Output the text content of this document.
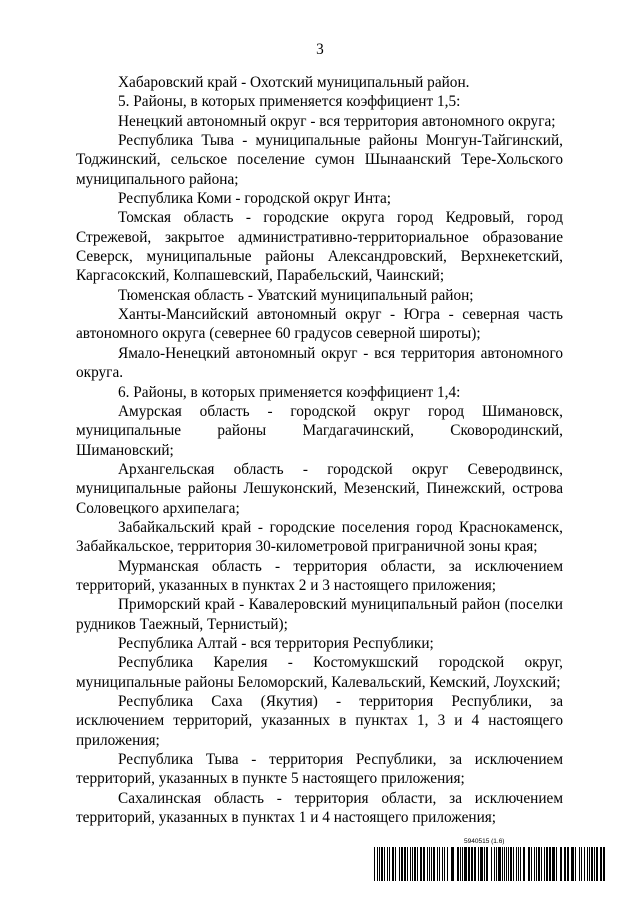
3

Хабаровский край - Охотский муниципальный район.

5. Районы, в которых применяется коэффициент 1,5:

Ненецкий автономный округ - вся территория автономного округа;

Республика Тыва - муниципальные районы Монгун-Тайгинский, Тоджинский, сельское поселение сумон Шынаанский Тере-Хольского муниципального района;

Республика Коми - городской округ Инта;

Томская область - городские округа город Кедровый, город Стрежевой, закрытое административно-территориальное образование Северск, муниципальные районы Александровский, Верхнекетский, Каргасокский, Колпашевский, Парабельский, Чаинский;

Тюменская область - Уватский муниципальный район;

Ханты-Мансийский автономный округ - Югра - северная часть автономного округа (севернее 60 градусов северной широты);

Ямало-Ненецкий автономный округ - вся территория автономного округа.

6. Районы, в которых применяется коэффициент 1,4:

Амурская область - городской округ город Шимановск, муниципальные районы Магдагачинский, Сковородинский, Шимановский;

Архангельская область - городской округ Северодвинск, муниципальные районы Лешуконский, Мезенский, Пинежский, острова Соловецкого архипелага;

Забайкальский край - городские поселения город Краснокаменск, Забайкальское, территория 30-километровой приграничной зоны края;

Мурманская область - территория области, за исключением территорий, указанных в пунктах 2 и 3 настоящего приложения;

Приморский край - Кавалеровский муниципальный район (поселки рудников Таежный, Тернистый);

Республика Алтай - вся территория Республики;

Республика Карелия - Костомукшский городской округ, муниципальные районы Беломорский, Калевальский, Кемский, Лоухский;

Республика Саха (Якутия) - территория Республики, за исключением территорий, указанных в пунктах 1, 3 и 4 настоящего приложения;

Республика Тыва - территория Республики, за исключением территорий, указанных в пункте 5 настоящего приложения;

Сахалинская область - территория области, за исключением территорий, указанных в пунктах 1 и 4 настоящего приложения;

5940515 (1.6)
